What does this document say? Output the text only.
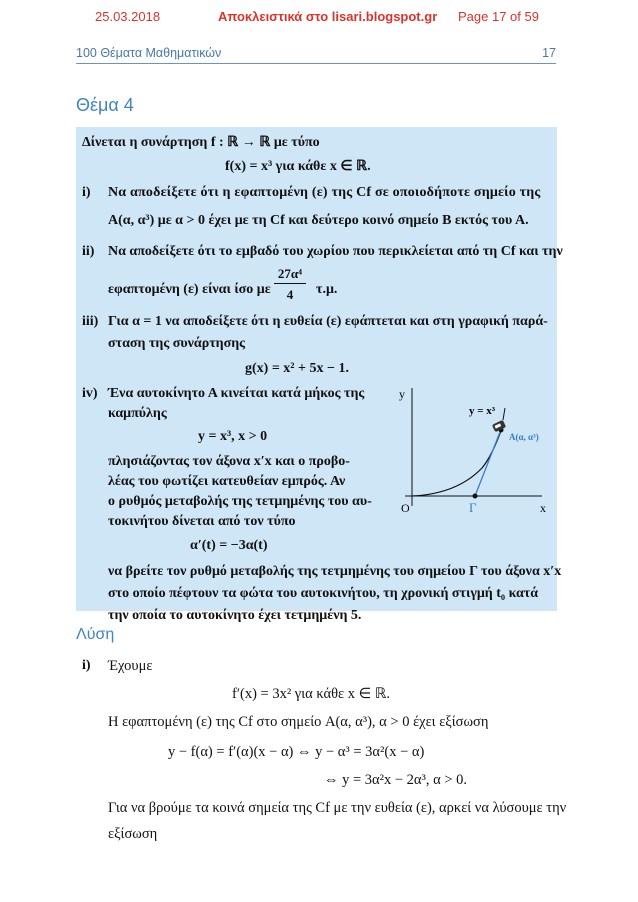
25.03.2018	Αποκλειστικά στο lisari.blogspot.gr Page 17 of 59
100 Θέματα Μαθηματικών	17
Θέμα 4
Δίνεται η συνάρτηση f : ℝ → ℝ με τύπο
f(x) = x³ για κάθε x ∈ ℝ.
i) Να αποδείξετε ότι η εφαπτομένη (ε) της Cf σε οποιοδήποτε σημείο της
A(α, α³) με α > 0 έχει με τη Cf και δεύτερο κοινό σημείο Β εκτός του Α.
ii) Να αποδείξετε ότι το εμβαδό του χωρίου που περικλείεται από τη Cf και την
εφαπτομένη (ε) είναι ίσο με
27α⁴
4	τ.μ.
iii) Για α = 1 να αποδείξετε ότι η ευθεία (ε) εφάπτεται και στη γραφική παρά-
σταση της συνάρτησης
g(x) = x² + 5x − 1.
iv) Ένα αυτοκίνητο Α κινείται κατά μήκος της
καμπύλης
y = x³, x > 0
πλησιάζοντας τον άξονα x′x και ο προβο-
λέας του φωτίζει κατευθείαν εμπρός. Αν
ο ρυθμός μεταβολής της τετμημένης του αυ-
τοκινήτου δίνεται από τον τύπο
α′(t) = −3α(t)
να βρείτε τον ρυθμό μεταβολής της τετμημένης του σημείου Γ του άξονα x′x
στο οποίο πέφτουν τα φώτα του αυτοκινήτου, τη χρονική στιγμή t₀ κατά
την οποία το αυτοκίνητο έχει τετμημένη 5.
y
x
O	Γ
y = x³
Α(α, α³)
Λύση
i) Έχουμε
f′(x) = 3x² για κάθε x ∈ ℝ.
Η εφαπτομένη (ε) της Cf στο σημείο A(α, α³), α > 0 έχει εξίσωση
y − f(α) = f′(α)(x − α) ⇔ y − α³ = 3α²(x − α)
⇔ y = 3α²x − 2α³, α > 0.
Για να βρούμε τα κοινά σημεία της Cf με την ευθεία (ε), αρκεί να λύσουμε την
εξίσωση
